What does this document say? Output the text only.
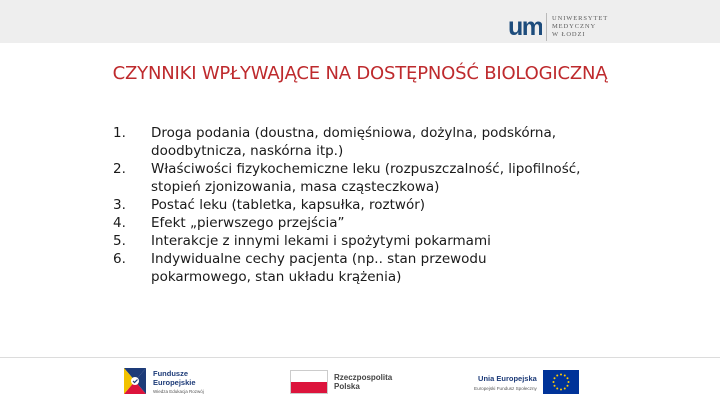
um UNIWERSYTET
MEDYCZNY
W ŁODZI
CZYNNIKI WPŁYWAJĄCE NA DOSTĘPNOŚĆ BIOLOGICZNĄ
1.	Droga podania (doustna, domięśniowa, dożylna, podskórna,
doodbytnicza, naskórna itp.)
2.	Właściwości fizykochemiczne leku (rozpuszczalność, lipofilność,
stopień zjonizowania, masa cząsteczkowa)
3.	Postać leku (tabletka, kapsułka, roztwór)
4.	Efekt „pierwszego przejścia”
5.	Interakcje z innymi lekami i spożytymi pokarmami
6.	Indywidualne cechy pacjenta (np.. stan przewodu
pokarmowego, stan układu krążenia)
Fundusze
Europejskie
Wiedza Edukacja Rozwój
Rzeczpospolita
Polska
Unia Europejska
Europejski Fundusz Społeczny
